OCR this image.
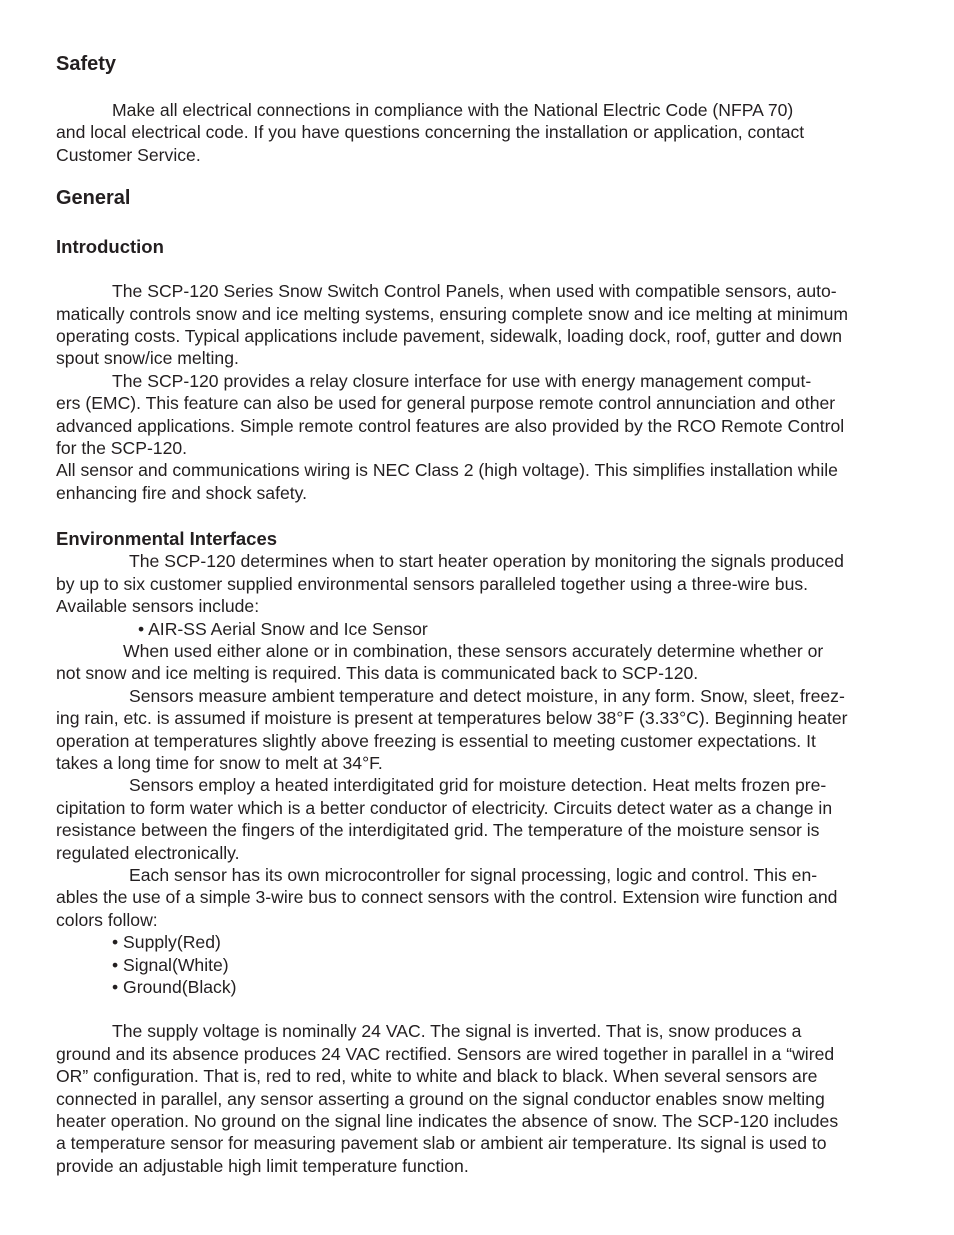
Safety

Make all electrical connections in compliance with the National Electric Code (NFPA 70)

and local electrical code. If you have questions concerning the installation or application, contact

Customer Service.

General
Introduction

The SCP-120 Series Snow Switch Control Panels, when used with compatible sensors, auto-

matically controls snow and ice melting systems, ensuring complete snow and ice melting at minimum

operating costs. Typical applications include pavement, sidewalk, loading dock, roof, gutter and down

spout snow/ice melting.

The SCP-120 provides a relay closure interface for use with energy management comput-

ers (EMC). This feature can also be used for general purpose remote control annunciation and other

advanced applications. Simple remote control features are also provided by the RCO Remote Control

for the SCP-120.

All sensor and communications wiring is NEC Class 2 (high voltage). This simplifies installation while

enhancing fire and shock safety.

Environmental Interfaces

The SCP-120 determines when to start heater operation by monitoring the signals produced

by up to six customer supplied environmental sensors paralleled together using a three-wire bus.

Available sensors include:

• AIR-SS Aerial Snow and Ice Sensor

When used either alone or in combination, these sensors accurately determine whether or

not snow and ice melting is required. This data is communicated back to SCP-120.

Sensors measure ambient temperature and detect moisture, in any form. Snow, sleet, freez-

ing rain, etc. is assumed if moisture is present at temperatures below 38°F (3.33°C). Beginning heater

operation at temperatures slightly above freezing is essential to meeting customer expectations. It

takes a long time for snow to melt at 34°F.

Sensors employ a heated interdigitated grid for moisture detection. Heat melts frozen pre-

cipitation to form water which is a better conductor of electricity. Circuits detect water as a change in

resistance between the fingers of the interdigitated grid. The temperature of the moisture sensor is

regulated electronically.

Each sensor has its own microcontroller for signal processing, logic and control. This en-

ables the use of a simple 3-wire bus to connect sensors with the control. Extension wire function and

colors follow:

• Supply(Red)

• Signal(White)

• Ground(Black)

The supply voltage is nominally 24 VAC. The signal is inverted. That is, snow produces a

ground and its absence produces 24 VAC rectified. Sensors are wired together in parallel in a “wired

OR” configuration. That is, red to red, white to white and black to black. When several sensors are

connected in parallel, any sensor asserting a ground on the signal conductor enables snow melting

heater operation. No ground on the signal line indicates the absence of snow. The SCP-120 includes

a temperature sensor for measuring pavement slab or ambient air temperature. Its signal is used to

provide an adjustable high limit temperature function.
